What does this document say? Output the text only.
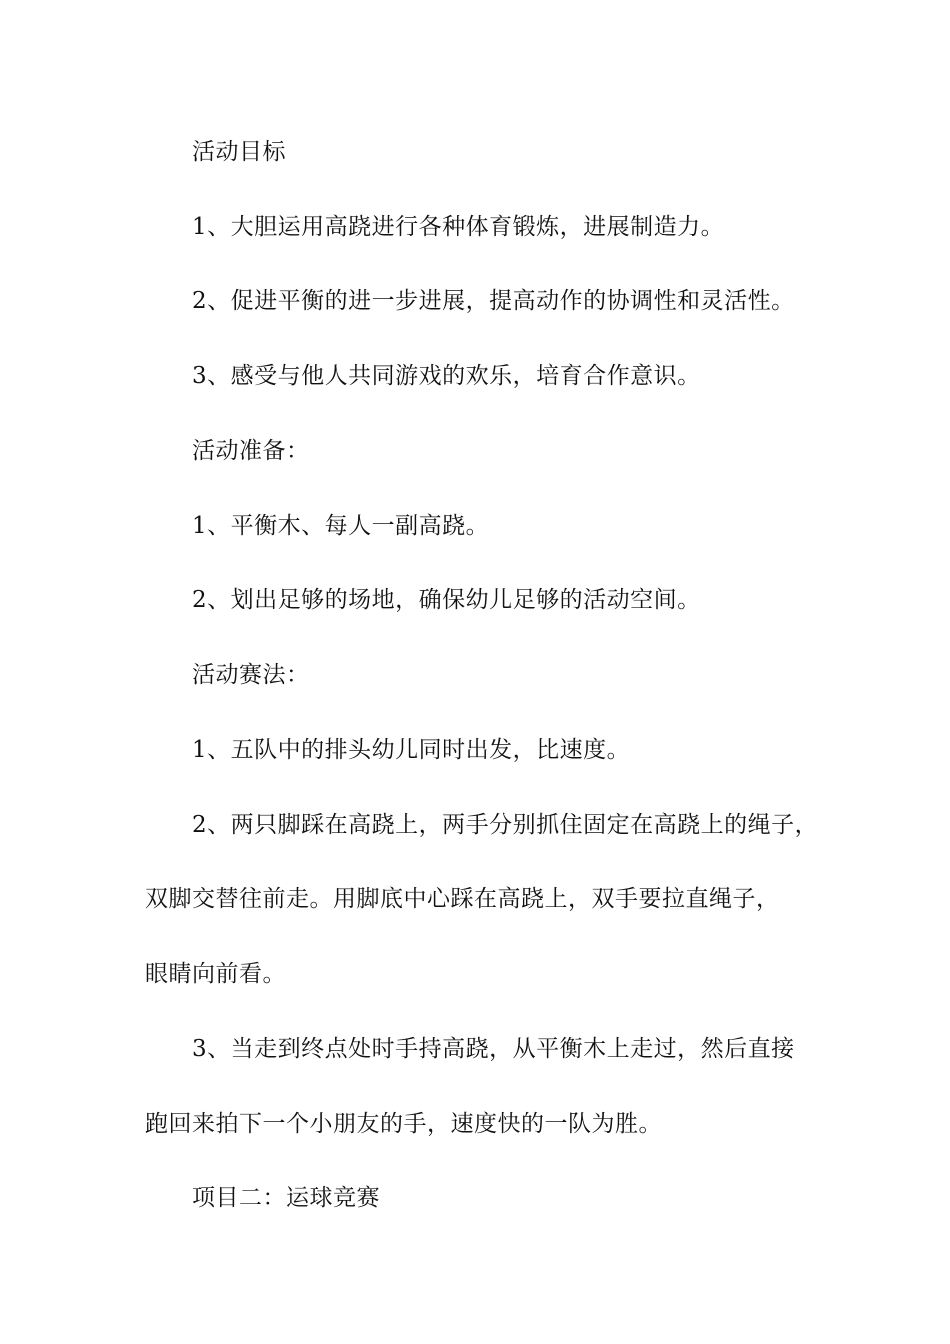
活动目标

1、大胆运用高跷进行各种体育锻炼，进展制造力。

2、促进平衡的进一步进展，提高动作的协调性和灵活性。

3、感受与他人共同游戏的欢乐，培育合作意识。

活动准备：

1、平衡木、每人一副高跷。

2、划出足够的场地，确保幼儿足够的活动空间。

活动赛法：

1、五队中的排头幼儿同时出发，比速度。

2、两只脚踩在高跷上，两手分别抓住固定在高跷上的绳子，

双脚交替往前走。用脚底中心踩在高跷上，双手要拉直绳子，

眼睛向前看。

3、当走到终点处时手持高跷，从平衡木上走过，然后直接

跑回来拍下一个小朋友的手，速度快的一队为胜。

项目二：运球竞赛
